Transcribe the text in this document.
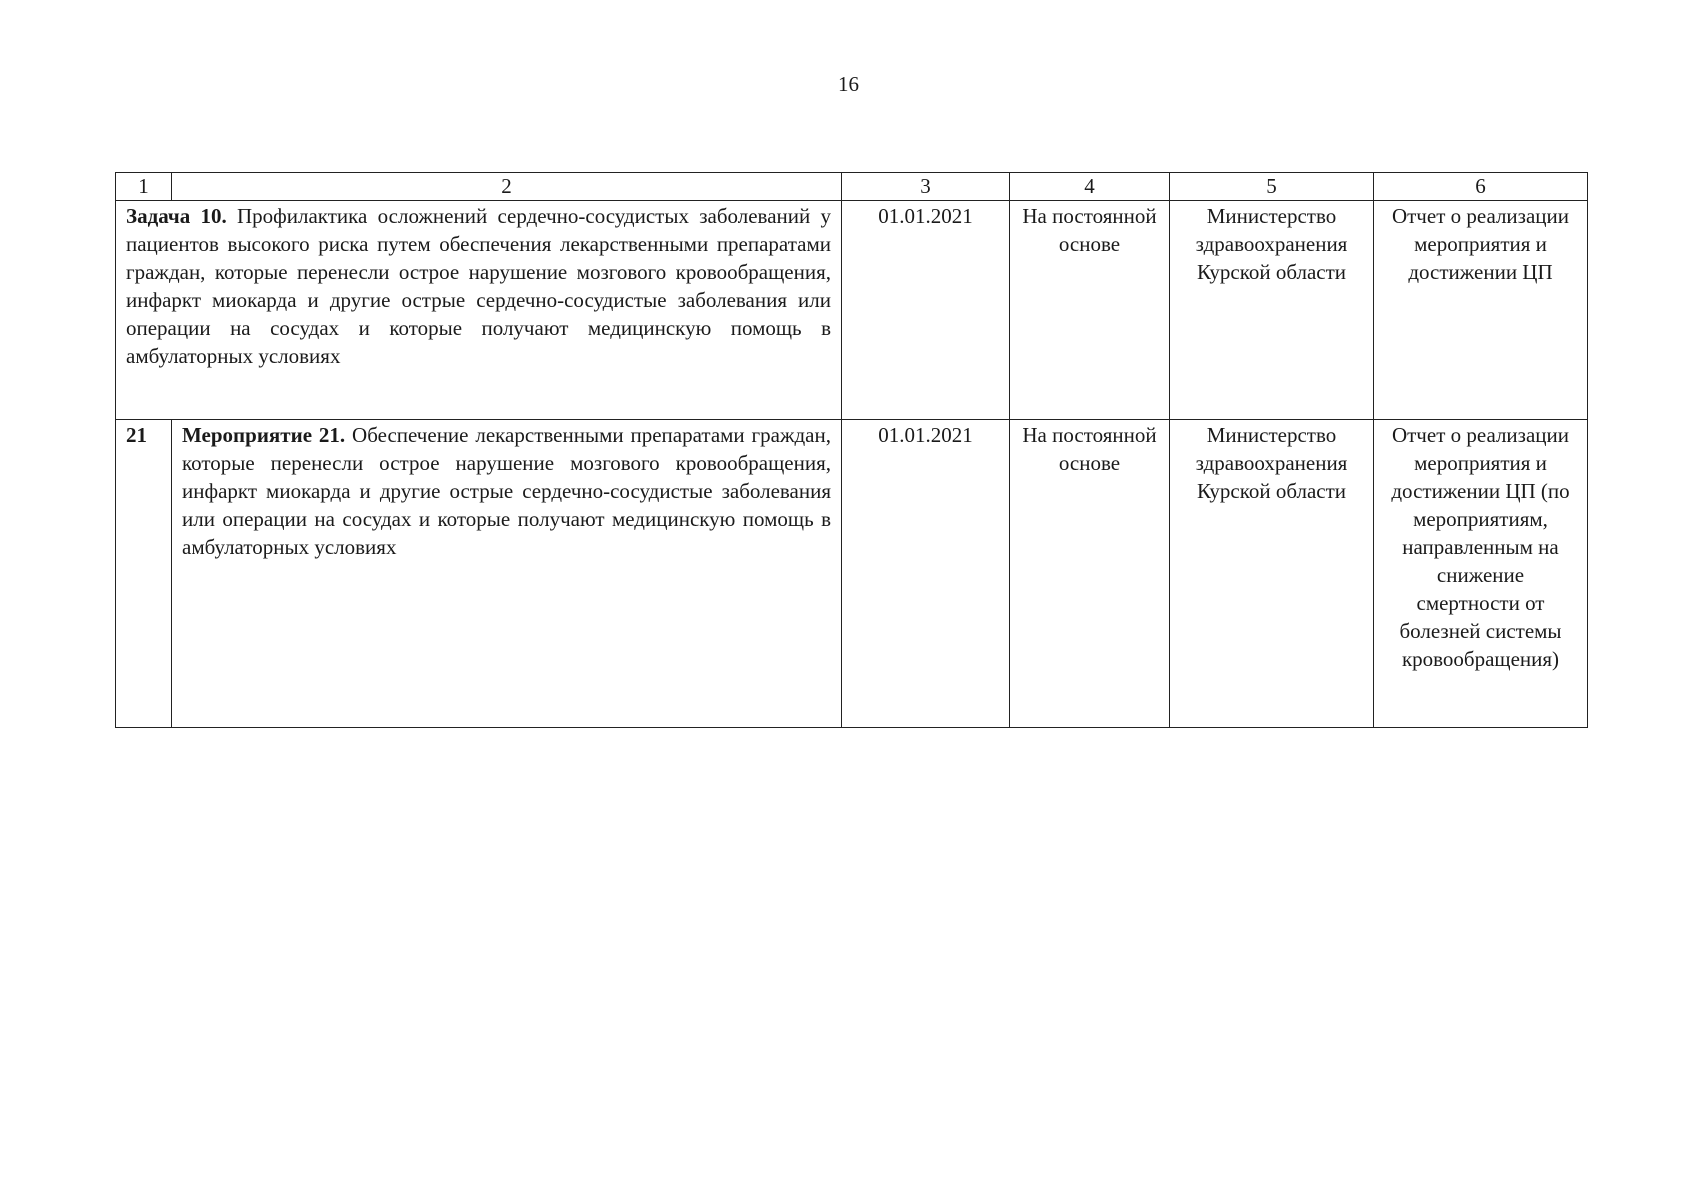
16
1	2	3	4	5	6
Задача 10. Профилактика осложнений сердечно-сосудистых заболеваний у пациентов высокого риска путем обеспечения лекарственными препаратами граждан, которые перенесли острое нарушение мозгового кровообращения, инфаркт миокарда и другие острые сердечно-сосудистые заболевания или операции на сосудах и которые получают медицинскую помощь в амбулаторных условиях		01.01.2021	На постоянной основе	Министерство здравоохранения Курской области	Отчет о реализации мероприятия и достижении ЦП
21	Мероприятие 21. Обеспечение лекарственными препаратами граждан, которые перенесли острое нарушение мозгового кровообращения, инфаркт миокарда и другие острые сердечно-сосудистые заболевания или операции на сосудах и которые получают медицинскую помощь в амбулаторных условиях	01.01.2021	На постоянной основе	Министерство здравоохранения Курской области	Отчет о реализации мероприятия и достижении ЦП (по мероприятиям, направленным на снижение смертности от болезней системы кровообращения)
